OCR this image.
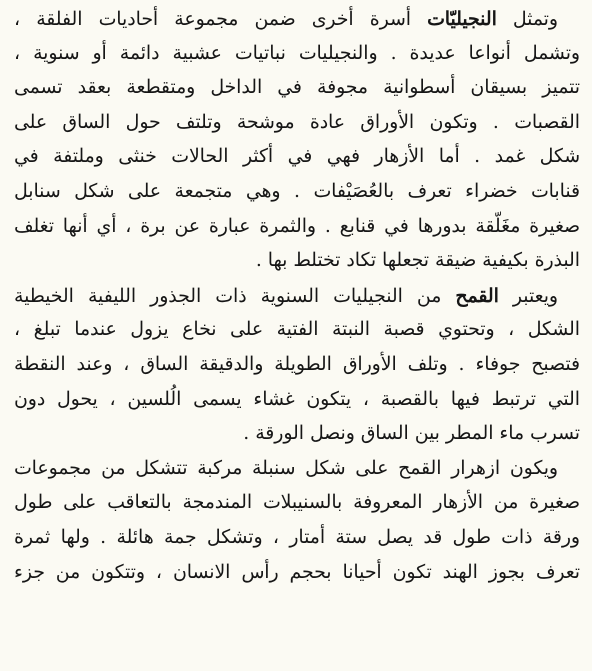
وتمثل النجيليّات أسرة أخرى ضمن مجموعة أحاديات الفلقة ،
وتشمل أنواعا عديدة . والنجيليات نباتيات عشبية دائمة أو سنوية ،
تتميز بسيقان أسطوانية مجوفة في الداخل ومتقطعة بعقد تسمى
القصبات . وتكون الأوراق عادة موشحة وتلتف حول الساق على
شكل غمد . أما الأزهار فهي في أكثر الحالات خنثى وملتفة في
قنابات خضراء تعرف بالعُصَيْفات . وهي متجمعة على شكل سنابل
صغيرة مغَلّقة بدورها في قنابع . والثمرة عبارة عن برة ، أي أنها تغلف
البذرة بكيفية ضيقة تجعلها تكاد تختلط بها .
ويعتبر القمح من النجيليات السنوية ذات الجذور الليفية الخيطية
الشكل ، وتحتوي قصبة النبتة الفتية على نخاع يزول عندما تبلغ ،
فتصبح جوفاء . وتلف الأوراق الطويلة والدقيقة الساق ، وعند النقطة
التي ترتبط فيها بالقصبة ، يتكون غشاء يسمى الُلسين ، يحول دون
تسرب ماء المطر بين الساق ونصل الورقة .
ويكون ازهرار القمح على شكل سنبلة مركبة تتشكل من مجموعات
صغيرة من الأزهار المعروفة بالسنيبلات المندمجة بالتعاقب على طول
ورقة ذات طول قد يصل ستة أمتار ، وتشكل جمة هائلة . ولها ثمرة
تعرف بجوز الهند تكون أحيانا بحجم رأس الانسان ، وتتكون من جزء
